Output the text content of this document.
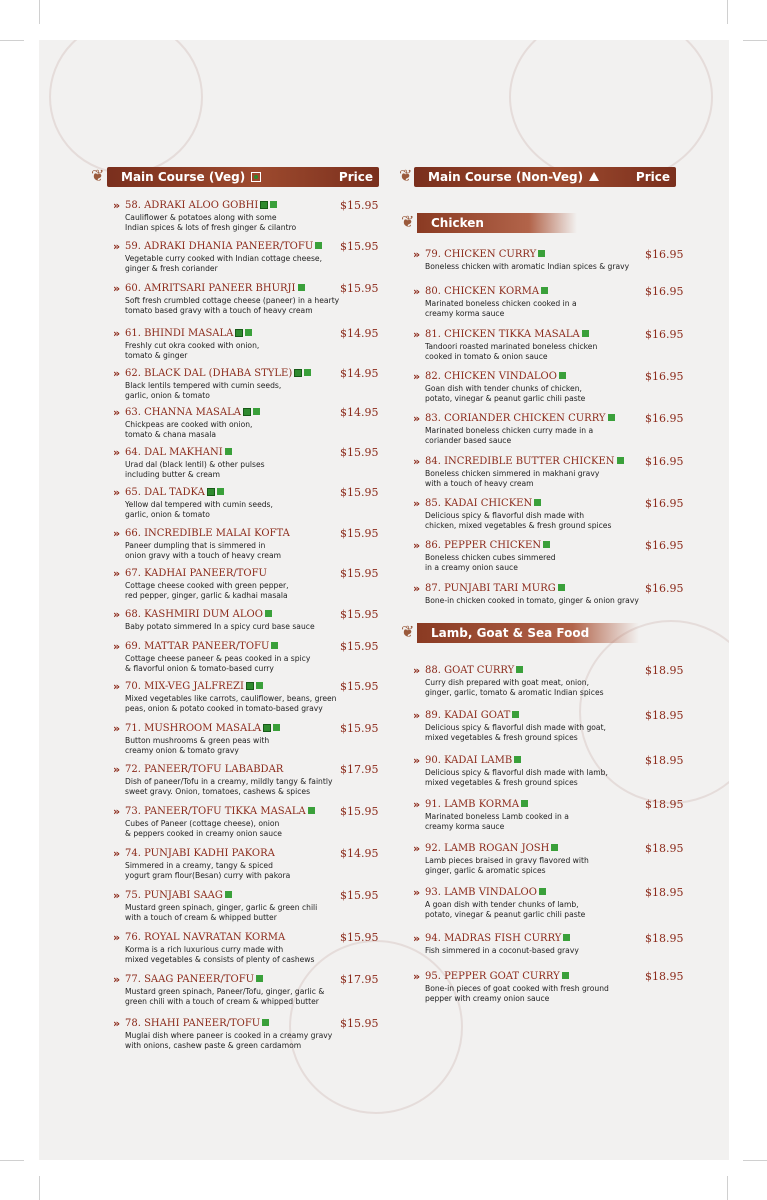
❦	Main Course (Veg)	Price ❦	Main Course (Non-Veg)	Price
❦	Chicken
❦	Lamb, Goat & Sea Food
» 58. ADRAKI ALOO GOBHI	$15.95
Cauliflower & potatoes along with some
Indian spices & lots of fresh ginger & cilantro
» 59. ADRAKI DHANIA PANEER/TOFU	$15.95
Vegetable curry cooked with Indian cottage cheese,
ginger & fresh coriander
» 60. AMRITSARI PANEER BHURJI	$15.95
Soft fresh crumbled cottage cheese (paneer) in a hearty
tomato based gravy with a touch of heavy cream
» 61. BHINDI MASALA	$14.95
Freshly cut okra cooked with onion,
tomato & ginger
» 62. BLACK DAL (DHABA STYLE)	$14.95
Black lentils tempered with cumin seeds,
garlic, onion & tomato
» 63. CHANNA MASALA	$14.95
Chickpeas are cooked with onion,
tomato & chana masala
» 64. DAL MAKHANI	$15.95
Urad dal (black lentil) & other pulses
including butter & cream
» 65. DAL TADKA	$15.95
Yellow dal tempered with cumin seeds,
garlic, onion & tomato
» 66. INCREDIBLE MALAI KOFTA	$15.95
Paneer dumpling that is simmered in
onion gravy with a touch of heavy cream
» 67. KADHAI PANEER/TOFU	$15.95
Cottage cheese cooked with green pepper,
red pepper, ginger, garlic & kadhai masala
» 68. KASHMIRI DUM ALOO	$15.95
Baby potato simmered In a spicy curd base sauce
» 69. MATTAR PANEER/TOFU	$15.95
Cottage cheese paneer & peas cooked in a spicy
& flavorful onion & tomato-based curry
» 70. MIX-VEG JALFREZI	$15.95
Mixed vegetables like carrots, cauliflower, beans, green
peas, onion & potato cooked in tomato-based gravy
» 71. MUSHROOM MASALA	$15.95
Button mushrooms & green peas with
creamy onion & tomato gravy
» 72. PANEER/TOFU LABABDAR	$17.95
Dish of paneer/Tofu in a creamy, mildly tangy & faintly
sweet gravy. Onion, tomatoes, cashews & spices
» 73. PANEER/TOFU TIKKA MASALA	$15.95
Cubes of Paneer (cottage cheese), onion
& peppers cooked in creamy onion sauce
» 74. PUNJABI KADHI PAKORA	$14.95
Simmered in a creamy, tangy & spiced
yogurt gram flour(Besan) curry with pakora
» 75. PUNJABI SAAG	$15.95
Mustard green spinach, ginger, garlic & green chili
with a touch of cream & whipped butter
» 76. ROYAL NAVRATAN KORMA	$15.95
Korma is a rich luxurious curry made with
mixed vegetables & consists of plenty of cashews
» 77. SAAG PANEER/TOFU	$17.95
Mustard green spinach, Paneer/Tofu, ginger, garlic &
green chili with a touch of cream & whipped butter
» 78. SHAHI PANEER/TOFU	$15.95
Muglai dish where paneer is cooked in a creamy gravy
with onions, cashew paste & green cardamom
» 79. CHICKEN CURRY	$16.95
Boneless chicken with aromatic Indian spices & gravy
» 80. CHICKEN KORMA	$16.95
Marinated boneless chicken cooked in a
creamy korma sauce
» 81. CHICKEN TIKKA MASALA	$16.95
Tandoori roasted marinated boneless chicken
cooked in tomato & onion sauce
» 82. CHICKEN VINDALOO	$16.95
Goan dish with tender chunks of chicken,
potato, vinegar & peanut garlic chili paste
» 83. CORIANDER CHICKEN CURRY	$16.95
Marinated boneless chicken curry made in a
coriander based sauce
» 84. INCREDIBLE BUTTER CHICKEN	$16.95
Boneless chicken simmered in makhani gravy
with a touch of heavy cream
» 85. KADAI CHICKEN	$16.95
Delicious spicy & flavorful dish made with
chicken, mixed vegetables & fresh ground spices
» 86. PEPPER CHICKEN	$16.95
Boneless chicken cubes simmered
in a creamy onion sauce
» 87. PUNJABI TARI MURG	$16.95
Bone-in chicken cooked in tomato, ginger & onion gravy
» 88. GOAT CURRY	$18.95
Curry dish prepared with goat meat, onion,
ginger, garlic, tomato & aromatic Indian spices
» 89. KADAI GOAT	$18.95
Delicious spicy & flavorful dish made with goat,
mixed vegetables & fresh ground spices
» 90. KADAI LAMB	$18.95
Delicious spicy & flavorful dish made with lamb,
mixed vegetables & fresh ground spices
» 91. LAMB KORMA	$18.95
Marinated boneless Lamb cooked in a
creamy korma sauce
» 92. LAMB ROGAN JOSH	$18.95
Lamb pieces braised in gravy flavored with
ginger, garlic & aromatic spices
» 93. LAMB VINDALOO	$18.95
A goan dish with tender chunks of lamb,
potato, vinegar & peanut garlic chili paste
» 94. MADRAS FISH CURRY	$18.95
Fish simmered in a coconut-based gravy
» 95. PEPPER GOAT CURRY	$18.95
Bone-in pieces of goat cooked with fresh ground
pepper with creamy onion sauce
